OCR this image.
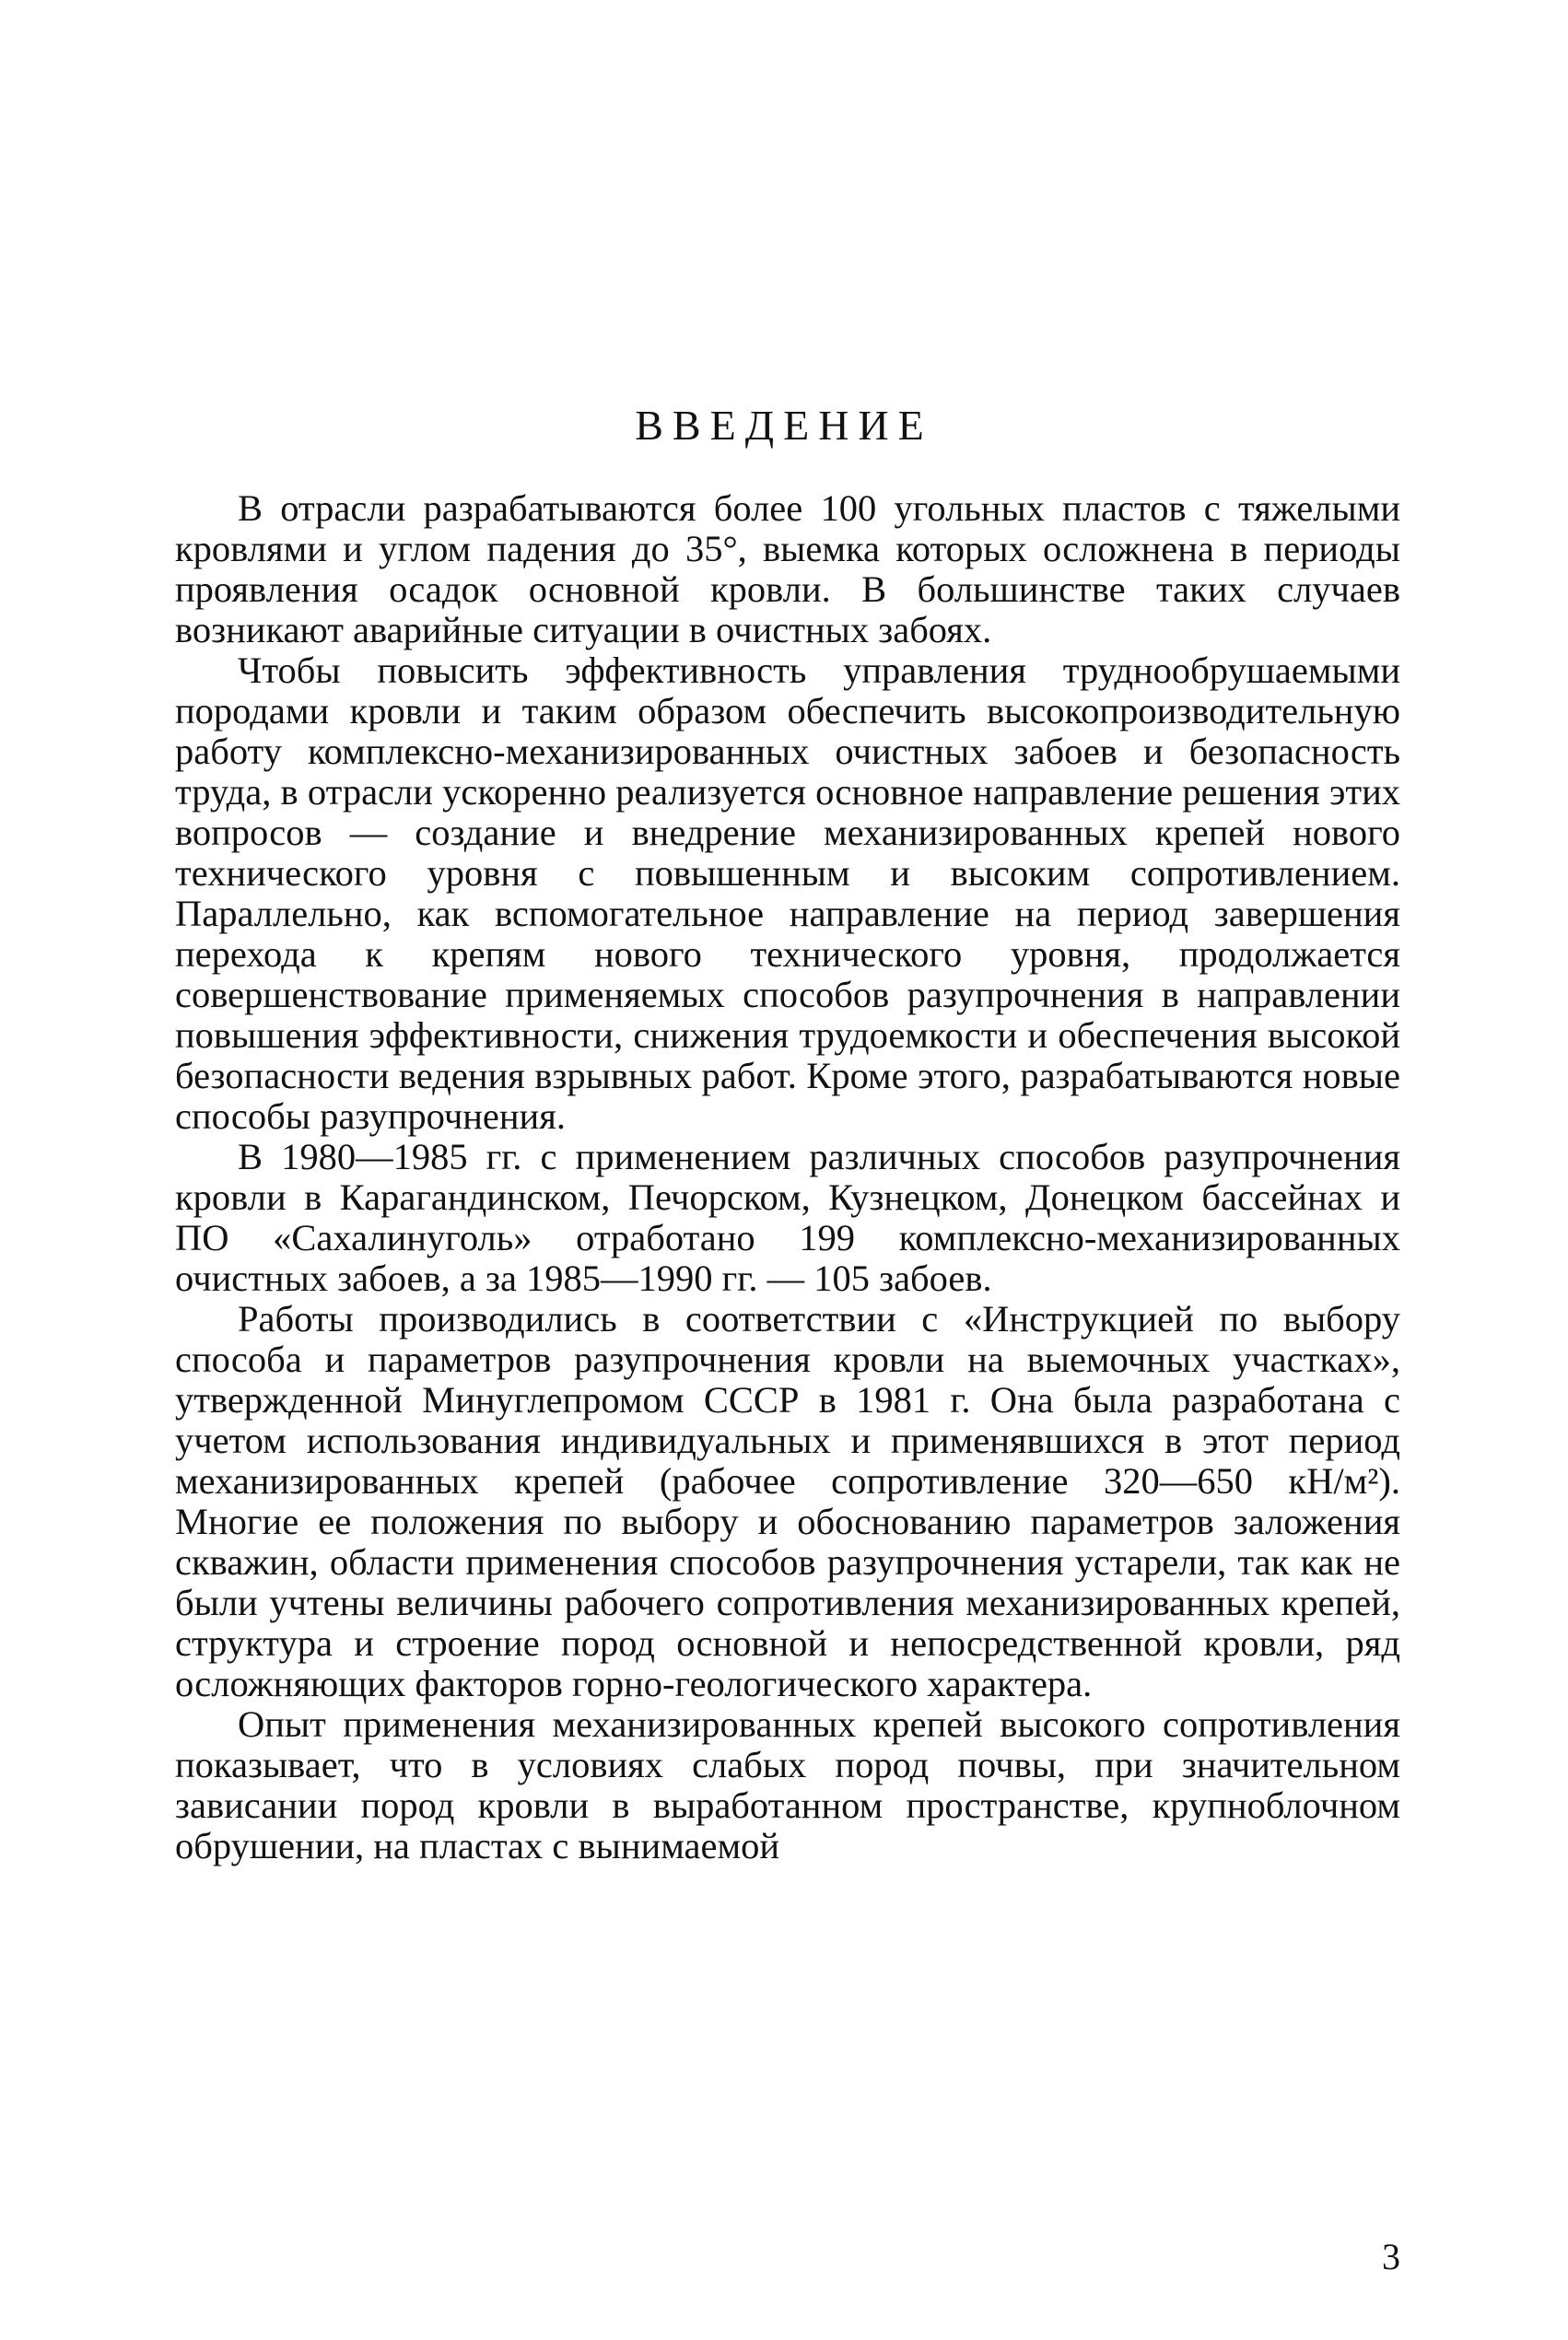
ВВЕДЕНИЕ

В отрасли разрабатываются более 100 угольных пластов с тяжелыми кровлями и углом падения до 35°, выемка которых осложнена в периоды проявления осадок основной кровли. В большинстве таких случаев возникают аварийные ситуации в очистных забоях.

Чтобы повысить эффективность управления труднообрушаемыми породами кровли и таким образом обеспечить высокопроизводительную работу комплексно-механизированных очистных забоев и безопасность труда, в отрасли ускоренно реализуется основное направление решения этих вопросов — создание и внедрение механизированных крепей нового технического уровня с повышенным и высоким сопротивлением. Параллельно, как вспомогательное направление на период завершения перехода к крепям нового технического уровня, продолжается совершенствование применяемых способов разупрочнения в направлении повышения эффективности, снижения трудоемкости и обеспечения высокой безопасности ведения взрывных работ. Кроме этого, разрабатываются новые способы разупрочнения.

В 1980—1985 гг. с применением различных способов разупрочнения кровли в Карагандинском, Печорском, Кузнецком, Донецком бассейнах и ПО «Сахалинуголь» отработано 199 комплексно-механизированных очистных забоев, а за 1985—1990 гг. — 105 забоев.

Работы производились в соответствии с «Инструкцией по выбору способа и параметров разупрочнения кровли на выемочных участках», утвержденной Минуглепромом СССР в 1981 г. Она была разработана с учетом использования индивидуальных и применявшихся в этот период механизированных крепей (рабочее сопротивление 320—650 кН/м²). Многие ее положения по выбору и обоснованию параметров заложения скважин, области применения способов разупрочнения устарели, так как не были учтены величины рабочего сопротивления механизированных крепей, структура и строение пород основной и непосредственной кровли, ряд осложняющих факторов горно-геологического характера.

Опыт применения механизированных крепей высокого сопротивления показывает, что в условиях слабых пород почвы, при значительном зависании пород кровли в выработанном пространстве, крупноблочном обрушении, на пластах с вынимаемой

3
